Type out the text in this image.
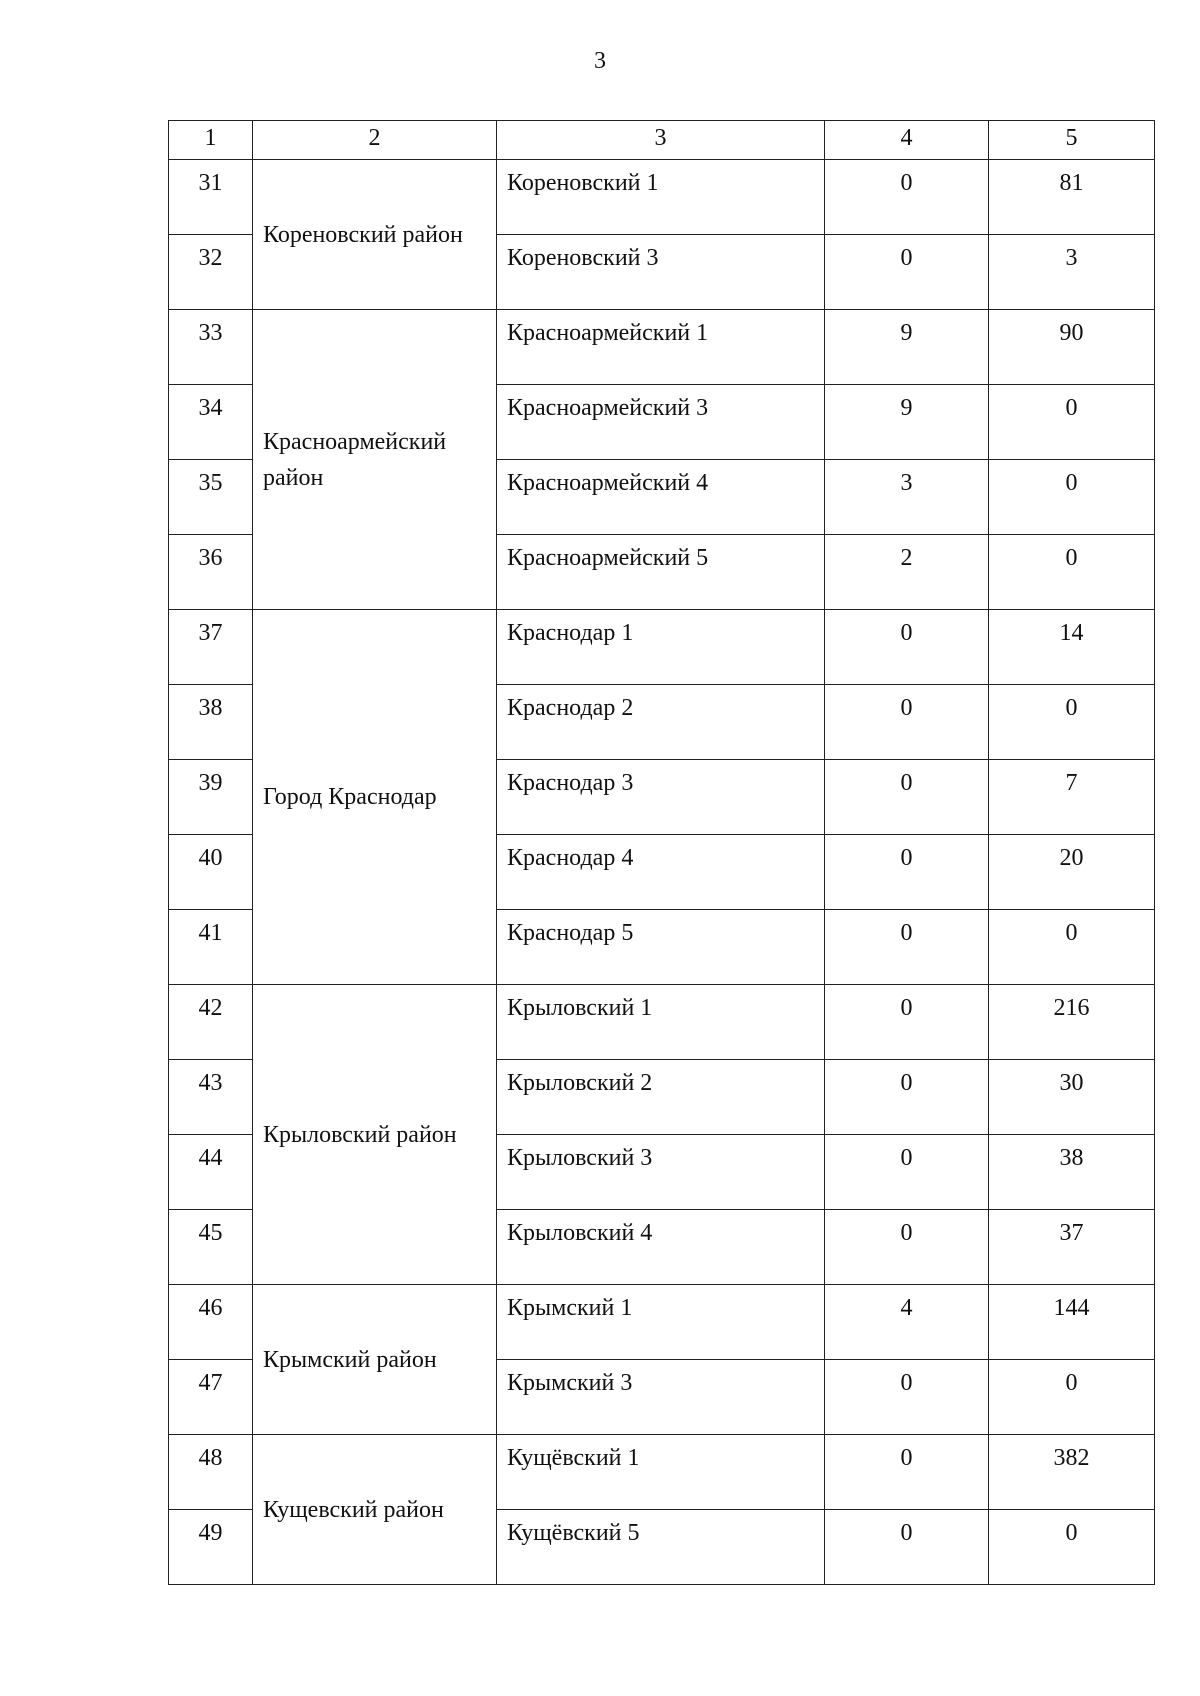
3
1	2	3	4	5
31	Кореновский район	Кореновский 1	0	81
32		Кореновский 3	0	3
33	Красноармейский район	Красноармейский 1	9	90
34		Красноармейский 3	9	0
35		Красноармейский 4	3	0
36		Красноармейский 5	2	0
37	Город Краснодар	Краснодар 1	0	14
38		Краснодар 2	0	0
39		Краснодар 3	0	7
40		Краснодар 4	0	20
41		Краснодар 5	0	0
42	Крыловский район	Крыловский 1	0	216
43		Крыловский 2	0	30
44		Крыловский 3	0	38
45		Крыловский 4	0	37
46	Крымский район	Крымский 1	4	144
47		Крымский 3	0	0
48	Кущевский район	Кущёвский 1	0	382
49		Кущёвский 5	0	0
